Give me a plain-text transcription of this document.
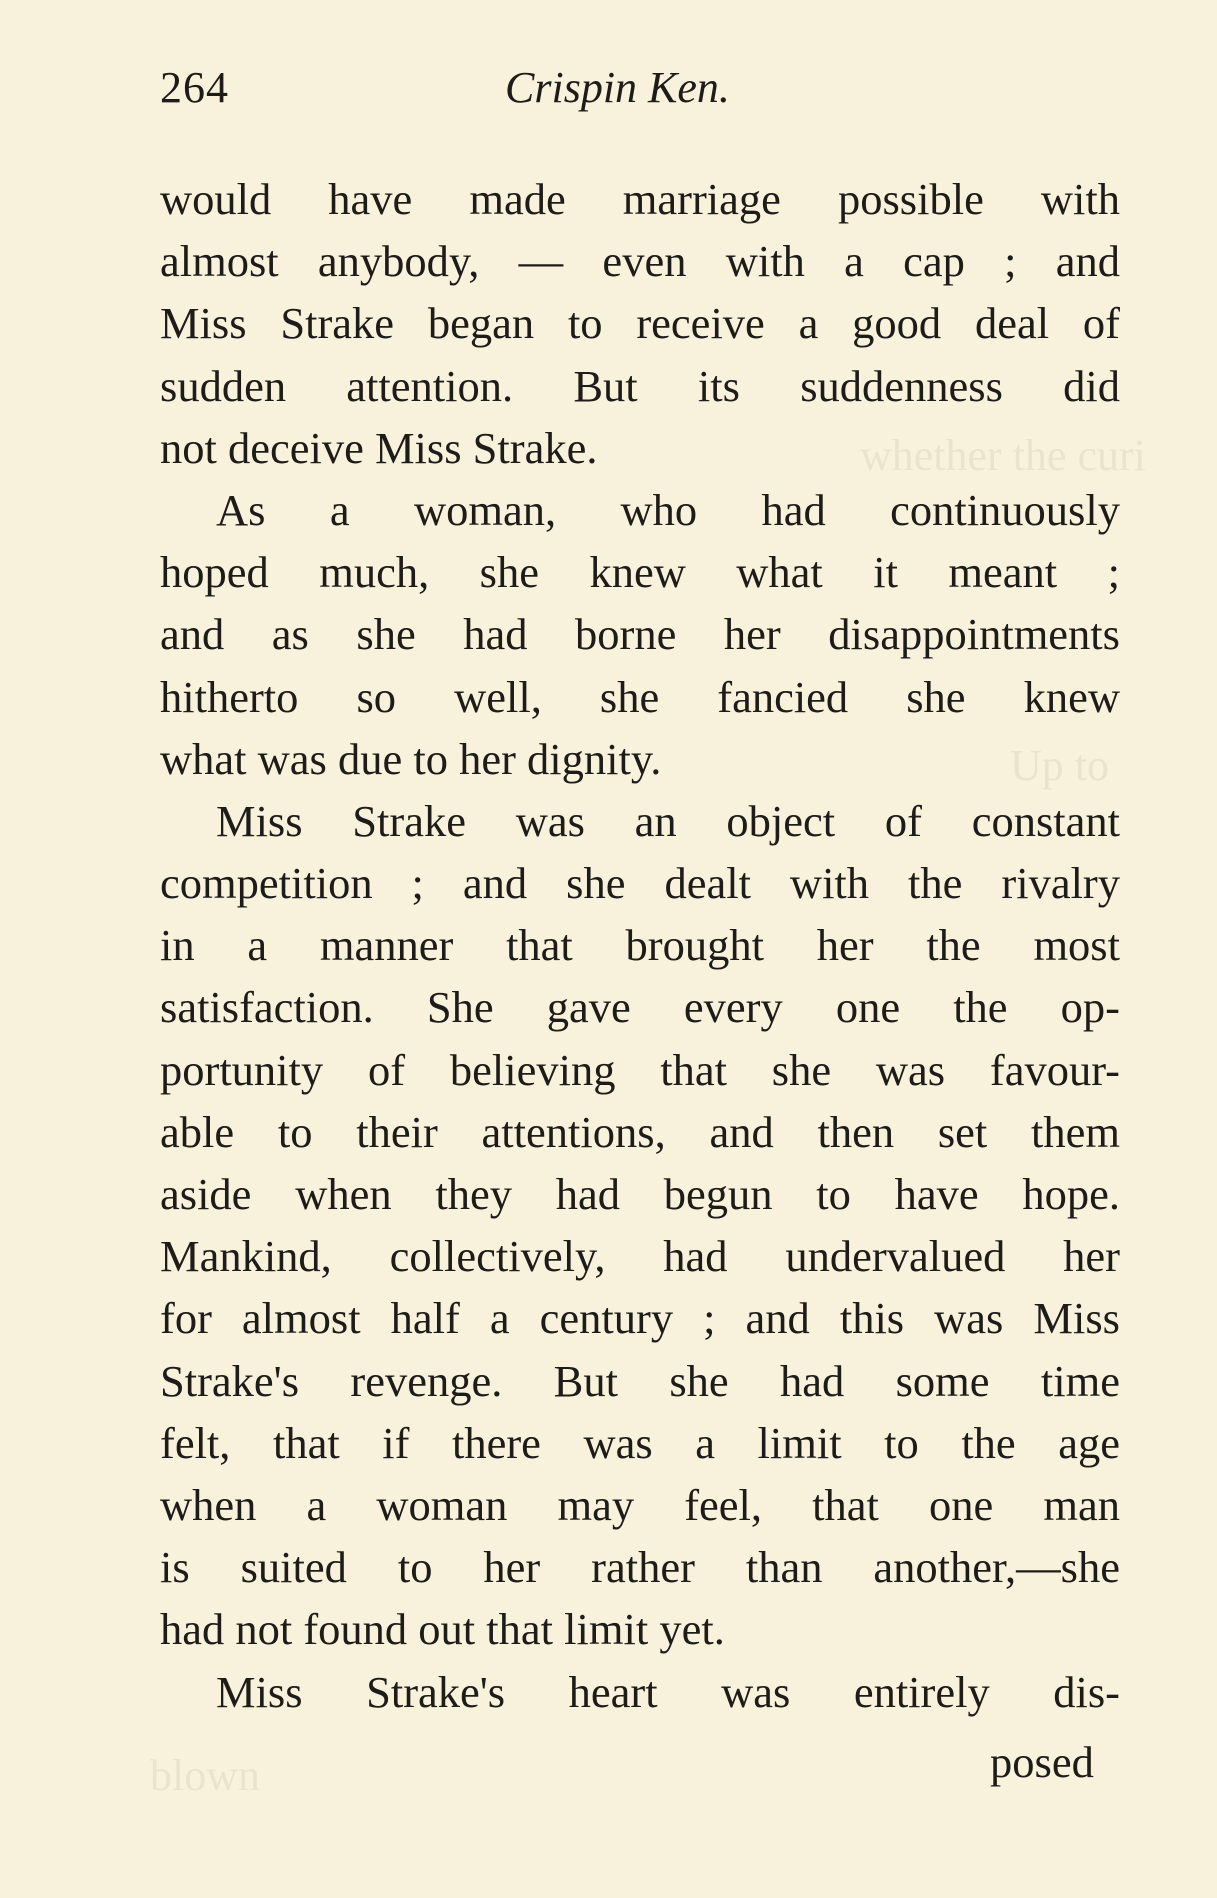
whether the curi
Up to
blown
264	Crispin Ken.
would have made marriage possible with
almost anybody, — even with a cap ; and
Miss Strake began to receive a good deal of
sudden attention. But its suddenness did
not deceive Miss Strake.
As a woman, who had continuously
hoped much, she knew what it meant ;
and as she had borne her disappointments
hitherto so well, she fancied she knew
what was due to her dignity.
Miss Strake was an object of constant
competition ; and she dealt with the rivalry
in a manner that brought her the most
satisfaction. She gave every one the op-
portunity of believing that she was favour-
able to their attentions, and then set them
aside when they had begun to have hope.
Mankind, collectively, had undervalued her
for almost half a century ; and this was Miss
Strake's revenge. But she had some time
felt, that if there was a limit to the age
when a woman may feel, that one man
is suited to her rather than another,—she
had not found out that limit yet.
Miss Strake's heart was entirely dis-
posed
